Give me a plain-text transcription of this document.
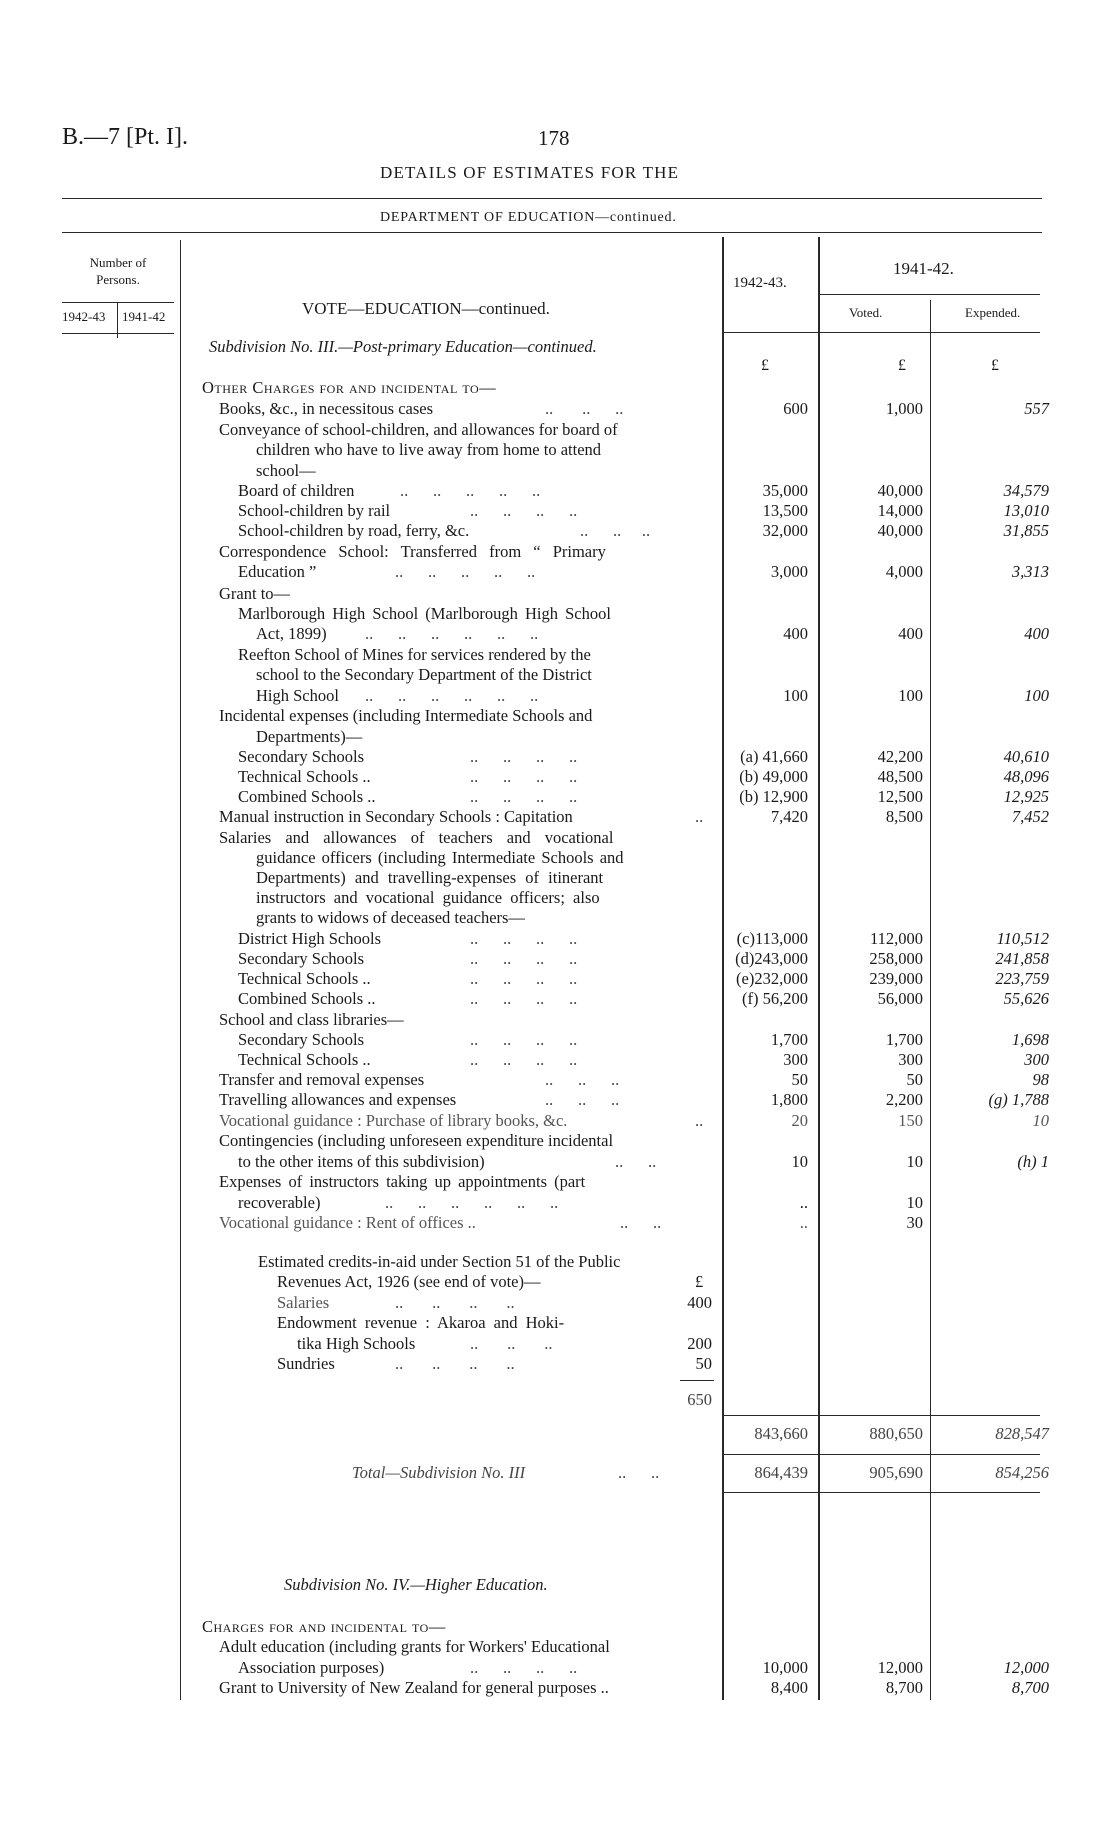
B.—7 [Pt. I].	178
DETAILS OF ESTIMATES FOR THE
DEPARTMENT OF EDUCATION—continued.
Number of Persons.
1942-43 1941-42	VOTE—EDUCATION—continued.
1942-43.
1941-42.
Voted.	Expended.
Subdivision No. III.—Post-primary Education—continued.
£	£	£
Other Charges for and incidental to—
Books, &c., in necessitous cases	..       ..      ..	600	1,000	557
Conveyance of school-children, and allowances for board of
children who have to live away from home to attend
school—
Board of children	..      ..      ..      ..      ..	35,000	40,000	34,579
School-children by rail	..      ..      ..      ..	13,500	14,000	13,010
School-children by road, ferry, &c.	..      ..     ..	32,000	40,000	31,855
Correspondence School: Transferred from “ Primary
Education ”	..      ..      ..      ..      ..	3,000	4,000	3,313
Grant to—
Marlborough High School (Marlborough High School
Act, 1899) ..      ..      ..      ..      ..      ..	400	400	400
Reefton School of Mines for services rendered by the
school to the Secondary Department of the District
High School ..      ..      ..      ..      ..      ..	100	100	100
Incidental expenses (including Intermediate Schools and
Departments)—
Secondary Schools	..      ..      ..      ..	(a) 41,660	42,200	40,610
Technical Schools ..	..      ..      ..      ..	(b) 49,000	48,500	48,096
Combined Schools ..	..      ..      ..      ..	(b) 12,900	12,500	12,925
Manual instruction in Secondary Schools : Capitation	..	7,420	8,500	7,452
Salaries and allowances of teachers and vocational
guidance officers (including Intermediate Schools and
Departments) and travelling-expenses of itinerant
instructors and vocational guidance officers; also
grants to widows of deceased teachers—
District High Schools	..      ..      ..      ..	(c)113,000	112,000	110,512
Secondary Schools	..      ..      ..      ..	(d)243,000	258,000	241,858
Technical Schools ..	..      ..      ..      ..	(e)232,000	239,000	223,759
Combined Schools ..	..      ..      ..      ..	(f) 56,200	56,000	55,626
School and class libraries—
Secondary Schools	..      ..      ..      ..	1,700	1,700	1,698
Technical Schools ..	..      ..      ..      ..	300	300	300
Transfer and removal expenses	..      ..      ..	50	50	98
Travelling allowances and expenses	..      ..      ..	1,800	2,200	(g) 1,788
Vocational guidance : Purchase of library books, &c.	..	20	150	10
Contingencies (including unforeseen expenditure incidental
to the other items of this subdivision)	..      ..	10	10	(h) 1
Expenses of instructors taking up appointments (part
recoverable)	..      ..      ..      ..      ..      ..	..	10
Vocational guidance : Rent of offices ..	..      ..	..	30
Estimated credits-in-aid under Section 51 of the Public
Revenues Act, 1926 (see end of vote)—	£
Salaries	..       ..       ..       ..	400
Endowment revenue : Akaroa and Hoki-
tika High Schools	..       ..       ..	200
Sundries	..       ..       ..       ..	50
650
843,660	880,650	828,547
Total—Subdivision No. III	..      ..	864,439	905,690	854,256
Subdivision No. IV.—Higher Education.
Charges for and incidental to—
Adult education (including grants for Workers' Educational
Association purposes)	..      ..      ..      ..	10,000	12,000	12,000
Grant to University of New Zealand for general purposes ..	8,400	8,700	8,700
